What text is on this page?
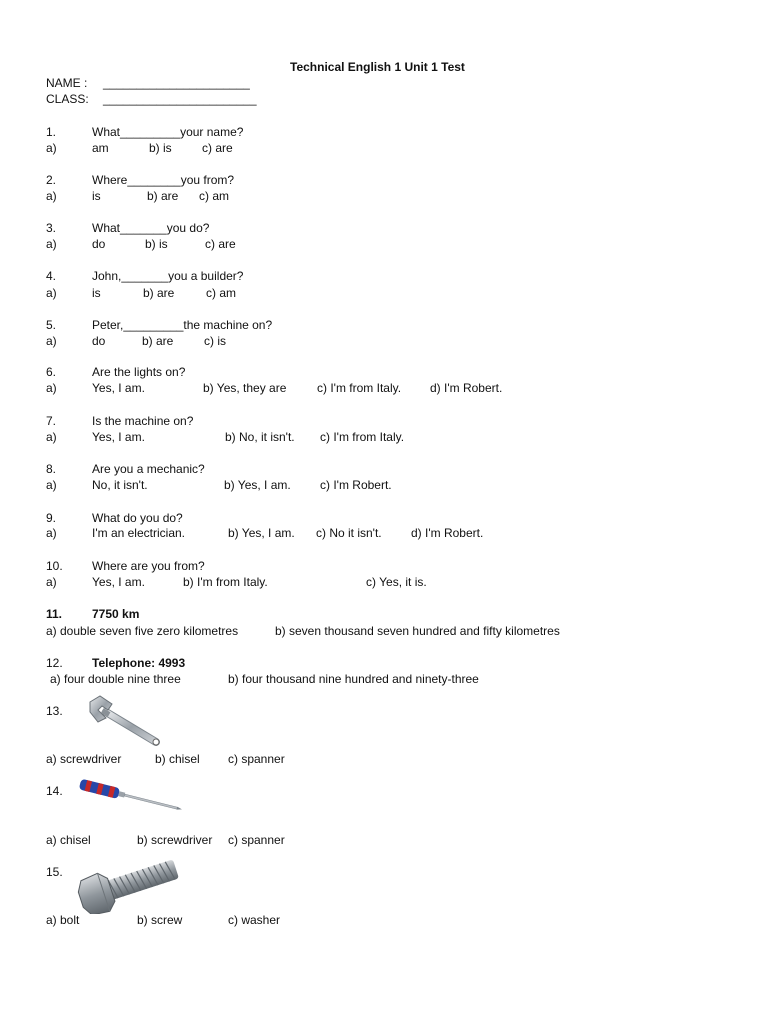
Technical English 1 Unit 1 Test
NAME : ______________________
CLASS: _______________________
1.	What_________your name?
a)	am	b) is	c) are
2.	Where________you from?
a)	is	b) are c) am
3.	What_______you do?
a)	do	b) is	c) are
4.	John,_______you a builder?
a)	is	b) are	c) am
5.	Peter,_________the machine on?
a)	do	b) are	c) is
6.	Are the lights on?
a)	Yes, I am.	b) Yes, they are	c) I'm from Italy. d) I'm Robert.
7.	Is the machine on?
a)	Yes, I am.	b) No, it isn't. c) I'm from Italy.
8.	Are you a mechanic?
a)	No, it isn't.	b) Yes, I am. c) I'm Robert.
9.	What do you do?
a)	I'm an electrician.	b) Yes, I am. c) No it isn't. d) I'm Robert.
10. Where are you from?
a)	Yes, I am.	b) I'm from Italy.	c) Yes, it is.
11. 7750 km
a) double seven five zero kilometres	b) seven thousand seven hundred and fifty kilometres
12. Telephone: 4993
a) four double nine three	b) four thousand nine hundred and ninety-three
13.
a) screwdriver	b) chisel c) spanner
14.
a) chisel	b) screwdriver c) spanner
15.
a) bolt	b) screw	c) washer
